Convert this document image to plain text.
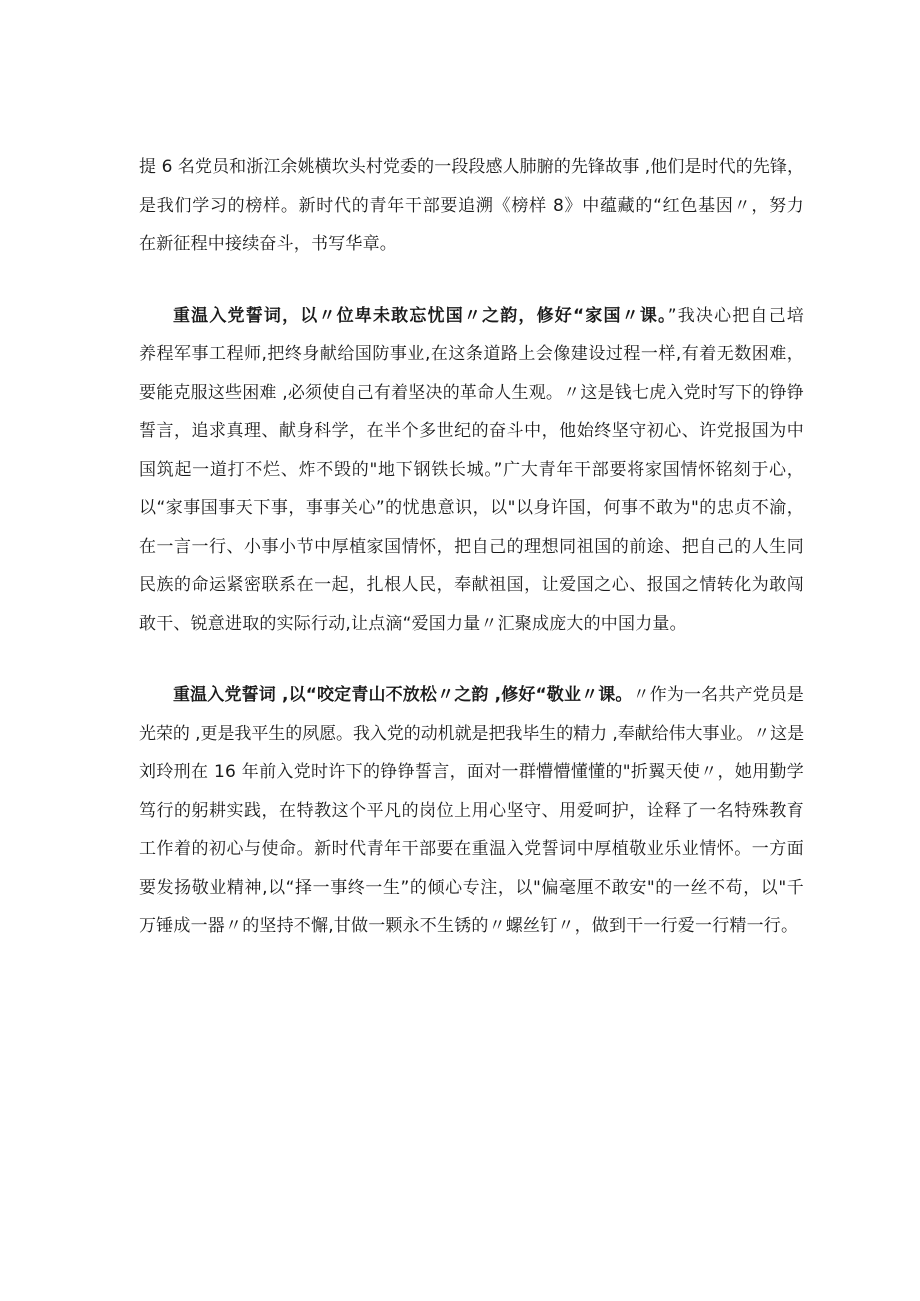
提 6 名党员和浙江余姚横坎头村党委的一段段感人肺腑的先锋故事 ,他们是时代的先锋，
是我们学习的榜样。新时代的青年干部要追溯《榜样 8》中蕴藏的“红色基因〃，努力
在新征程中接续奋斗，书写华章。
重温入党誓词，以〃位卑未敢忘忧国〃之韵，修好“家国〃课。”我决心把自己培
养程军事工程师,把终身献给国防事业,在这条道路上会像建设过程一样,有着无数困难，
要能克服这些困难 ,必须使自己有着坚决的革命人生观。〃这是钱七虎入党时写下的铮铮
誓言，追求真理、献身科学，在半个多世纪的奋斗中，他始终坚守初心、许党报国为中
国筑起一道打不烂、炸不毁的"地下钢铁长城。”广大青年干部要将家国情怀铭刻于心，
以“家事国事天下事，事事关心”的忧患意识，以"以身许国，何事不敢为"的忠贞不渝，
在一言一行、小事小节中厚植家国情怀，把自己的理想同祖国的前途、把自己的人生同
民族的命运紧密联系在一起，扎根人民，奉献祖国，让爱国之心、报国之情转化为敢闯
敢干、锐意进取的实际行动,让点滴“爱国力量〃汇聚成庞大的中国力量。
重温入党誓词 ,以“咬定青山不放松〃之韵 ,修好“敬业〃课。〃作为一名共产党员是
光荣的 ,更是我平生的夙愿。我入党的动机就是把我毕生的精力 ,奉献给伟大事业。〃这是
刘玲刑在 16 年前入党时许下的铮铮誓言，面对一群懵懵懂懂的"折翼天使〃，她用勤学
笃行的躬耕实践，在特教这个平凡的岗位上用心坚守、用爱呵护，诠释了一名特殊教育
工作着的初心与使命。新时代青年干部要在重温入党誓词中厚植敬业乐业情怀。一方面
要发扬敬业精神,以“择一事终一生”的倾心专注，以"偏毫厘不敢安"的一丝不苟，以"千
万锤成一器〃的坚持不懈,甘做一颗永不生锈的〃螺丝钉〃，做到干一行爱一行精一行。
